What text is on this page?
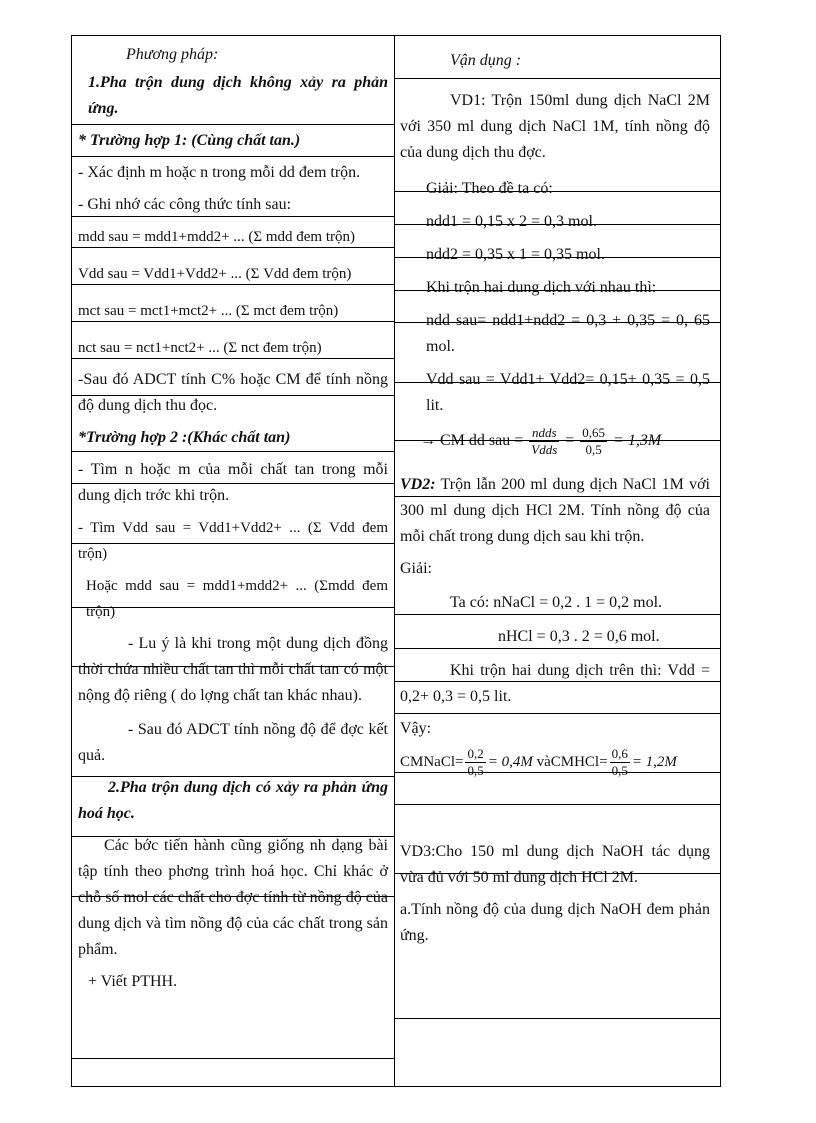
Phương pháp:

1.Pha trộn dung dịch không xảy ra phản ứng.

* Trường hợp 1: (Cùng chất tan.)

- Xác định m hoặc n trong mỗi dd đem trộn.

- Ghi nhớ các công thức tính sau:

mdd sau = mdd1+mdd2+ ... (Σ mdd đem trộn)

Vdd sau = Vdd1+Vdd2+ ... (Σ Vdd đem trộn)

mct sau = mct1+mct2+ ... (Σ mct đem trộn)

nct sau = nct1+nct2+ ... (Σ nct đem trộn)

-Sau đó ADCT tính C% hoặc CM để tính nồng độ dung dịch thu đọc.

*Trường hợp 2 :(Khác chất tan)

- Tìm n hoặc m của mỗi chất tan trong mỗi dung dịch trớc khi trộn.

- Tìm Vdd sau = Vdd1+Vdd2+ ... (Σ Vdd đem trộn)

Hoặc mdd sau = mdd1+mdd2+ ... (Σmdd đem trộn)

- Lu ý là khi trong một dung dịch đồng thời chứa nhiều chất tan thì mỗi chất tan có một nộng độ riêng ( do lợng chất tan khác nhau).

- Sau đó ADCT tính nồng độ để đợc kết quả.

2.Pha trộn dung dịch có xảy ra phản ứng hoá học.

Các bớc tiến hành cũng giống nh dạng bài tập tính theo phơng trình hoá học. Chỉ khác ở chỗ số mol các chất cho đợc tính từ nồng độ của dung dịch và tìm nồng độ của các chất trong sản phẩm.

+ Viết PTHH.

Vận dụng :

VD1: Trộn 150ml dung dịch NaCl 2M với 350 ml dung dịch NaCl 1M, tính nồng độ của dung dịch thu đợc.

Giải: Theo đề ta có:

ndd1 = 0,15 x 2 = 0,3 mol.

ndd2 = 0,35 x 1 = 0,35 mol.

Khi trộn hai dung dịch với nhau thì:

ndd sau= ndd1+ndd2 = 0,3 + 0,35 = 0, 65 mol.

Vdd sau = Vdd1+ Vdd2= 0,15+ 0,35 = 0,5 lit.

→ CM dd sau = $\frac{\text{ndds}}{\text{Vdds}} = \frac{0,65}{0,5} = 1,3M$

VD2: Trộn lẫn 200 ml dung dịch NaCl 1M với 300 ml dung dịch HCl 2M. Tính nồng độ của mỗi chất trong dung dịch sau khi trộn.

Giải:

Ta có: nNaCl = 0,2 . 1 = 0,2 mol.

nHCl = 0,3 . 2 = 0,6 mol.

Khi trộn hai dung dịch trên thì: Vdd = 0,2+ 0,3 = 0,5 lit.

Vậy:

CMNaCl= $\frac{0,2}{0,5} = 0,4M$ vàCMHCl= $\frac{0,6}{0,5} = 1,2M$

VD3:Cho 150 ml dung dịch NaOH tác dụng vừa đủ với 50 ml dung dịch HCl 2M.

a.Tính nồng độ của dung dịch NaOH đem phản ứng.
